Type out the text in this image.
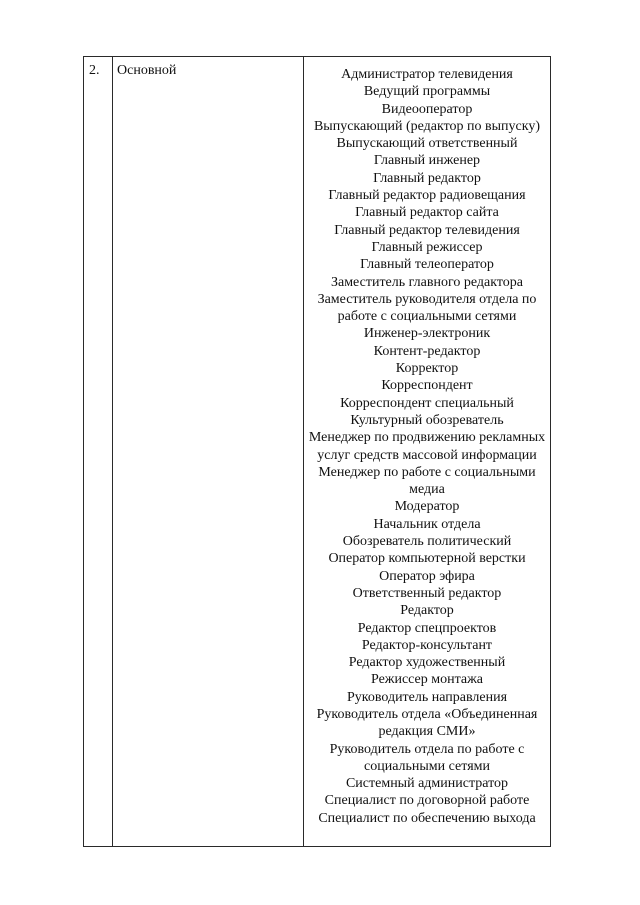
2. Основной	Администратор телевидения
Ведущий программы
Видеооператор
Выпускающий (редактор по выпуску)
Выпускающий ответственный
Главный инженер
Главный редактор
Главный редактор радиовещания
Главный редактор сайта
Главный редактор телевидения
Главный режиссер
Главный телеоператор
Заместитель главного редактора
Заместитель руководителя отдела по работе с социальными сетями
Инженер-электроник
Контент-редактор
Корректор
Корреспондент
Корреспондент специальный
Культурный обозреватель
Менеджер по продвижению рекламных услуг средств массовой информации
Менеджер по работе с социальными медиа
Модератор
Начальник отдела
Обозреватель политический
Оператор компьютерной верстки
Оператор эфира
Ответственный редактор
Редактор
Редактор спецпроектов
Редактор-консультант
Редактор художественный
Режиссер монтажа
Руководитель направления
Руководитель отдела «Объединенная редакция СМИ»
Руководитель отдела по работе с социальными сетями
Системный администратор
Специалист по договорной работе
Специалист по обеспечению выхода
